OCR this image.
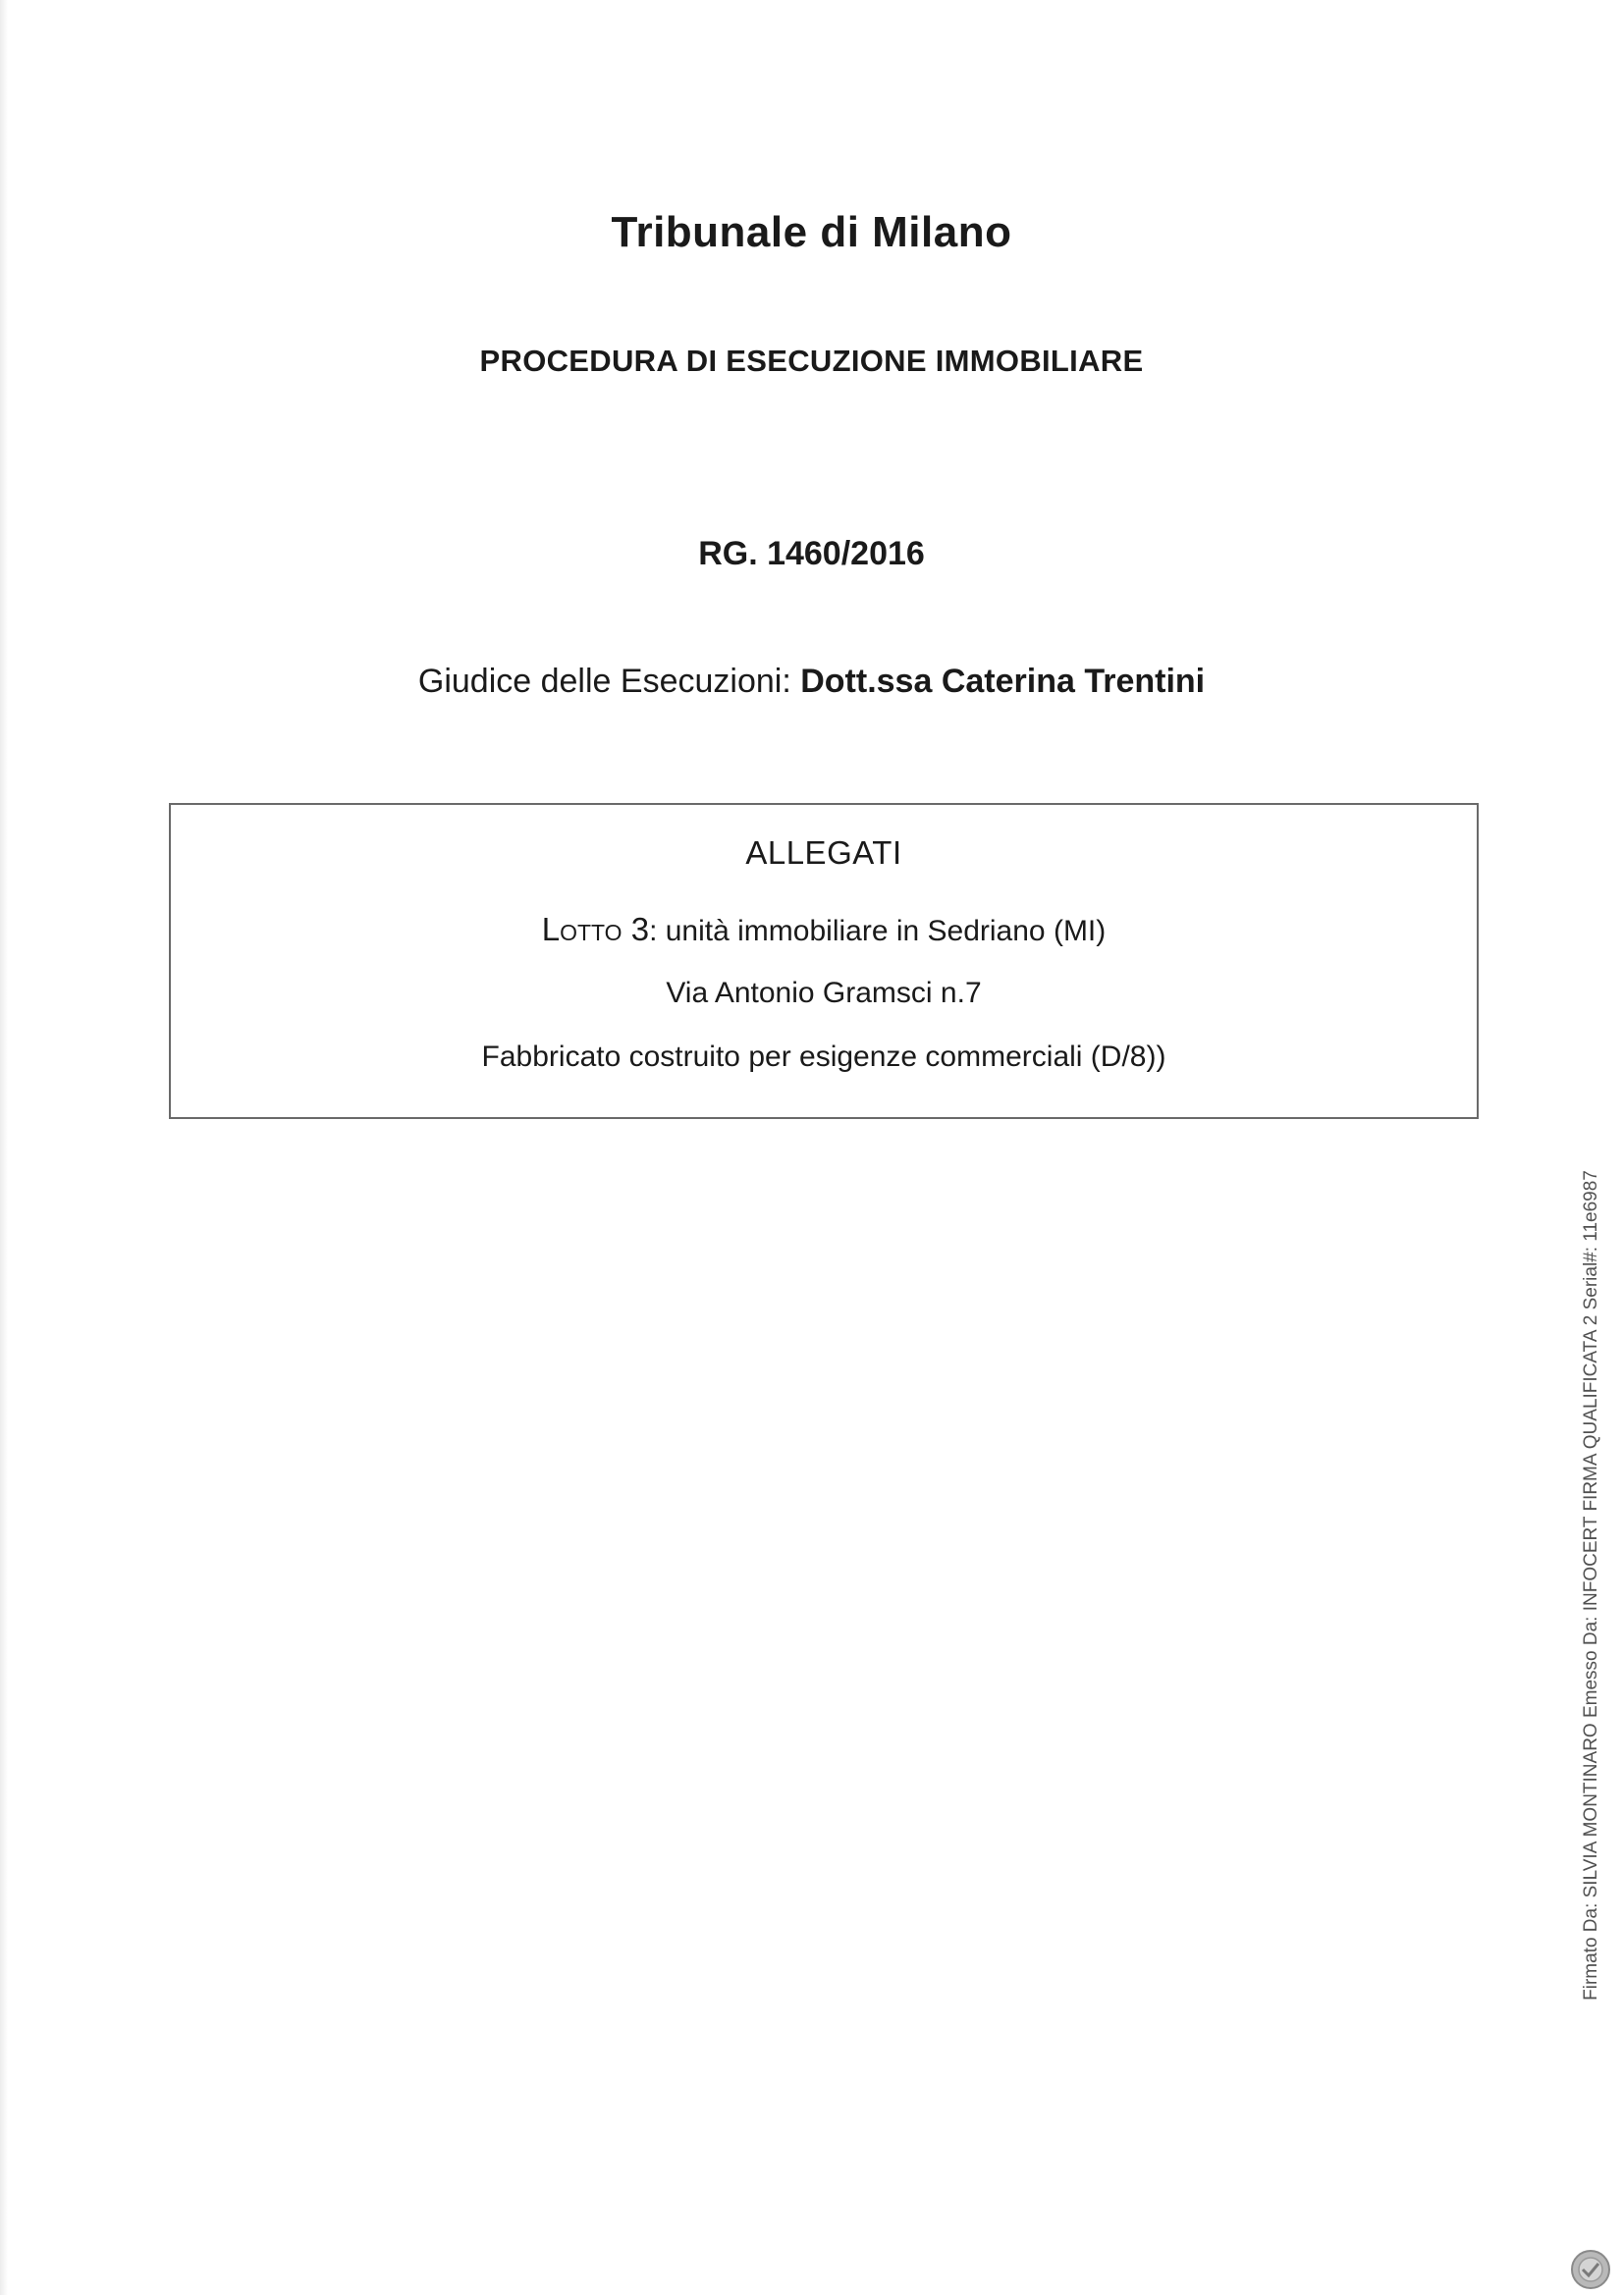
Tribunale di Milano
PROCEDURA DI ESECUZIONE IMMOBILIARE
RG. 1460/2016
Giudice delle Esecuzioni: Dott.ssa Caterina Trentini
ALLEGATI
Lotto 3: unità immobiliare in Sedriano (MI)
Via Antonio Gramsci n.7
Fabbricato costruito per esigenze commerciali (D/8))
Firmato Da: SILVIA MONTINARO Emesso Da: INFOCERT FIRMA QUALIFICATA 2 Serial#: 11e6987
